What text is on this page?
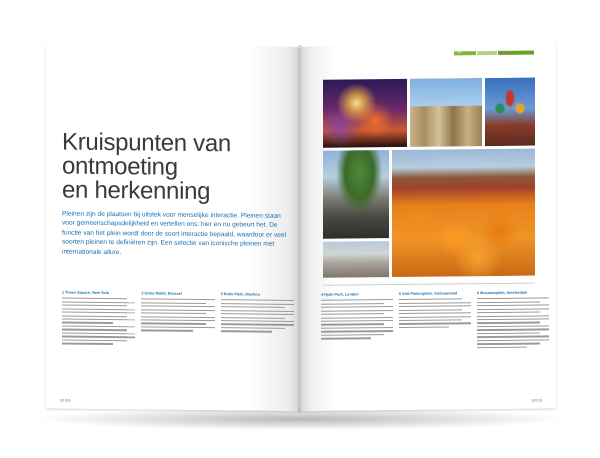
Kruispunten van
ontmoeting
en herkenning

Pleinen zijn de plaatsen bij uitstek voor menselijke interactie. Pleinen staan voor gemeenschapsdelijkheid en vertellen ons: hier en nu gebeurt het. De functie van het plein wordt door de soort interactie bepaald, waardoor er veel soorten pleinen te definiëren zijn. Een selectie van iconische pleinen met internationale allure.

1 Times Square, New York	2 Grote Markt, Brussel	3 Rode Plein, Moskou
28 ISO
ISO
4 Hyde Park, Londen	5 Sint Pietersplein, Vaticaanstad	6 Museumplein, Amsterdam
ISO 29
